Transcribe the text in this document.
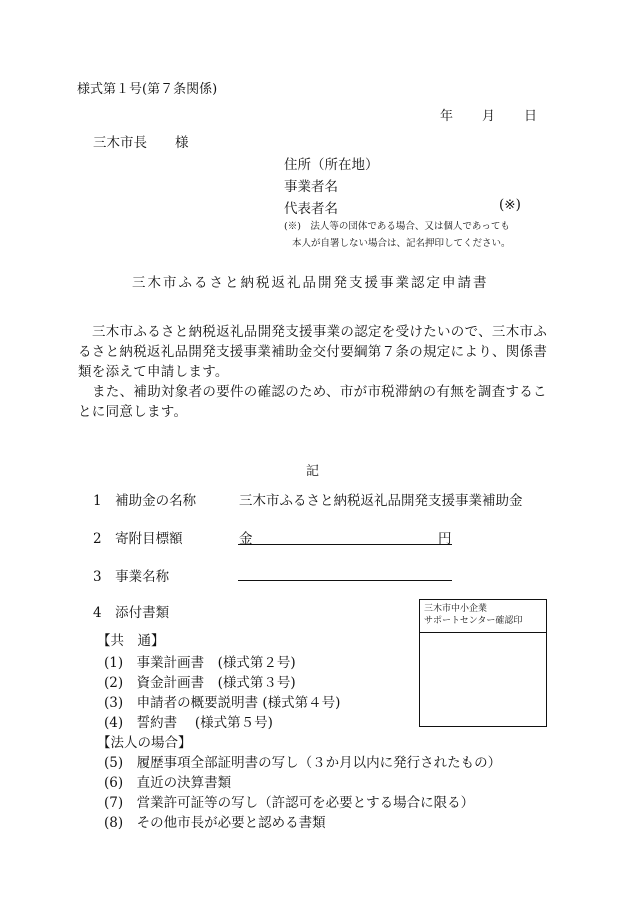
様式第１号(第７条関係)
年 月 日
三木市長 様
住所（所在地）
事業者名
代表者名	(※)
(※)　法人等の団体である場合、又は個人であっても
本人が自署しない場合は、記名押印してください。
三木市ふるさと納税返礼品開発支援事業認定申請書
三木市ふるさと納税返礼品開発支援事業の認定を受けたいので、三木市ふ
るさと納税返礼品開発支援事業補助金交付要綱第７条の規定により、関係書
類を添えて申請します。
また、補助対象者の要件の確認のため、市が市税滞納の有無を調査するこ
とに同意します。
記
1　補助金の名称	三木市ふるさと納税返礼品開発支援事業補助金
2　寄附目標額	金	円
3　事業名称
4　添付書類	三木市中小企業
サポートセンター確認印
【共　通】
(1)　事業計画書　(様式第２号)
(2)　資金計画書　(様式第３号)
(3)　申請者の概要説明書 (様式第４号)
(4)　誓約書　 (様式第５号)
【法人の場合】
(5)　履歴事項全部証明書の写し（３か月以内に発行されたもの）
(6)　直近の決算書類
(7)　営業許可証等の写し（許認可を必要とする場合に限る）
(8)　その他市長が必要と認める書類
